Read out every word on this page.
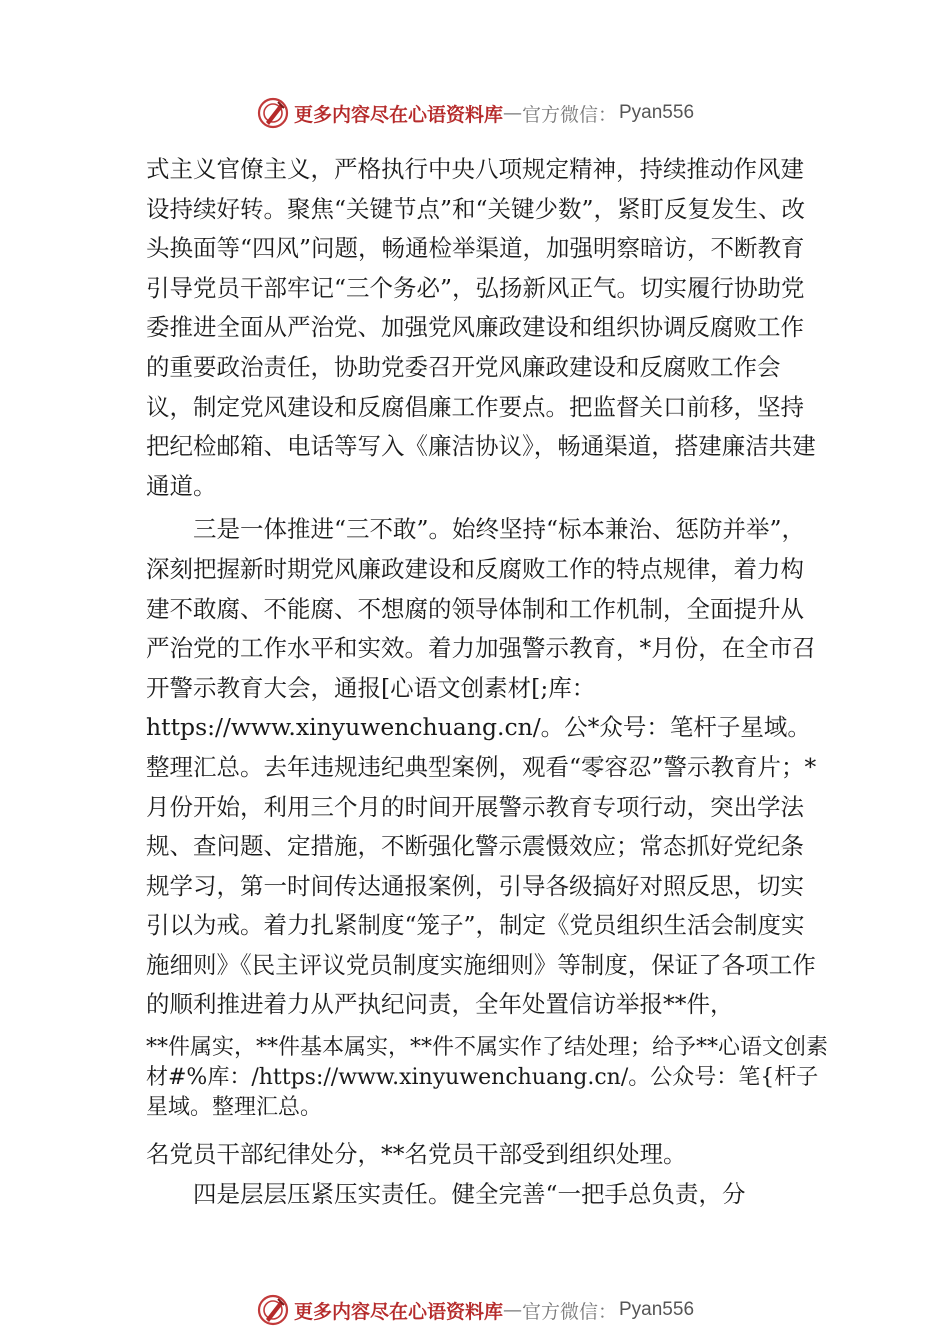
更多内容尽在心语资料库 — 官方微信： Pyan556

式主义官僚主义，严格执行中央八项规定精神，持续推动作风建设持续好转。聚焦“关键节点”和“关键少数”，紧盯反复发生、改头换面等“四风”问题，畅通检举渠道，加强明察暗访，不断教育引导党员干部牢记“三个务必”，弘扬新风正气。切实履行协助党委推进全面从严治党、加强党风廉政建设和组织协调反腐败工作的重要政治责任，协助党委召开党风廉政建设和反腐败工作会议，制定党风建设和反腐倡廉工作要点。把监督关口前移，坚持把纪检邮箱、电话等写入《廉洁协议》，畅通渠道，搭建廉洁共建通道。

三是一体推进“三不敢”。始终坚持“标本兼治、惩防并举”，深刻把握新时期党风廉政建设和反腐败工作的特点规律，着力构建不敢腐、不能腐、不想腐的领导体制和工作机制，全面提升从严治党的工作水平和实效。着力加强警示教育，*月份，在全市召开警示教育大会，通报[心语文创素材[;库：https://www.xinyuwenchuang.cn/。公*众号：笔杆子星域。整理汇总。去年违规违纪典型案例，观看“零容忍”警示教育片；*月份开始，利用三个月的时间开展警示教育专项行动，突出学法规、查问题、定措施，不断强化警示震慑效应；常态抓好党纪条规学习，第一时间传达通报案例，引导各级搞好对照反思，切实引以为戒。着力扎紧制度“笼子”，制定《党员组织生活会制度实施细则》《民主评议党员制度实施细则》等制度，保证了各项工作的顺利推进着力从严执纪问责，全年处置信访举报**件，

**件属实，**件基本属实，**件不属实作了结处理；给予**心语文创素材#%库：/https://www.xinyuwenchuang.cn/。公众号：笔{杆子星域。整理汇总。

名党员干部纪律处分，**名党员干部受到组织处理。

四是层层压紧压实责任。健全完善“一把手总负责，分

更多内容尽在心语资料库 — 官方微信： Pyan556
